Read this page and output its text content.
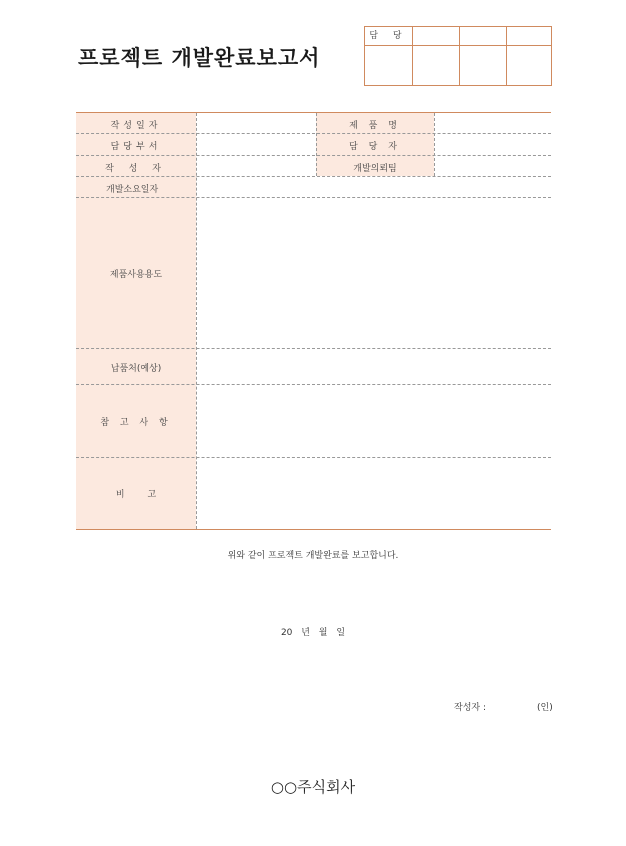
프로젝트 개발완료보고서
담 당
작성일자	제 품 명
담당부서	담 당 자
작 성 자	개발의뢰팀
개발소요일자
제품사용용도
납품처(예상)
참 고 사 항
비        고
위와 같이 프로젝트 개발완료를 보고합니다.
20 년 월 일
작성자 :	(인)
○○주식회사
